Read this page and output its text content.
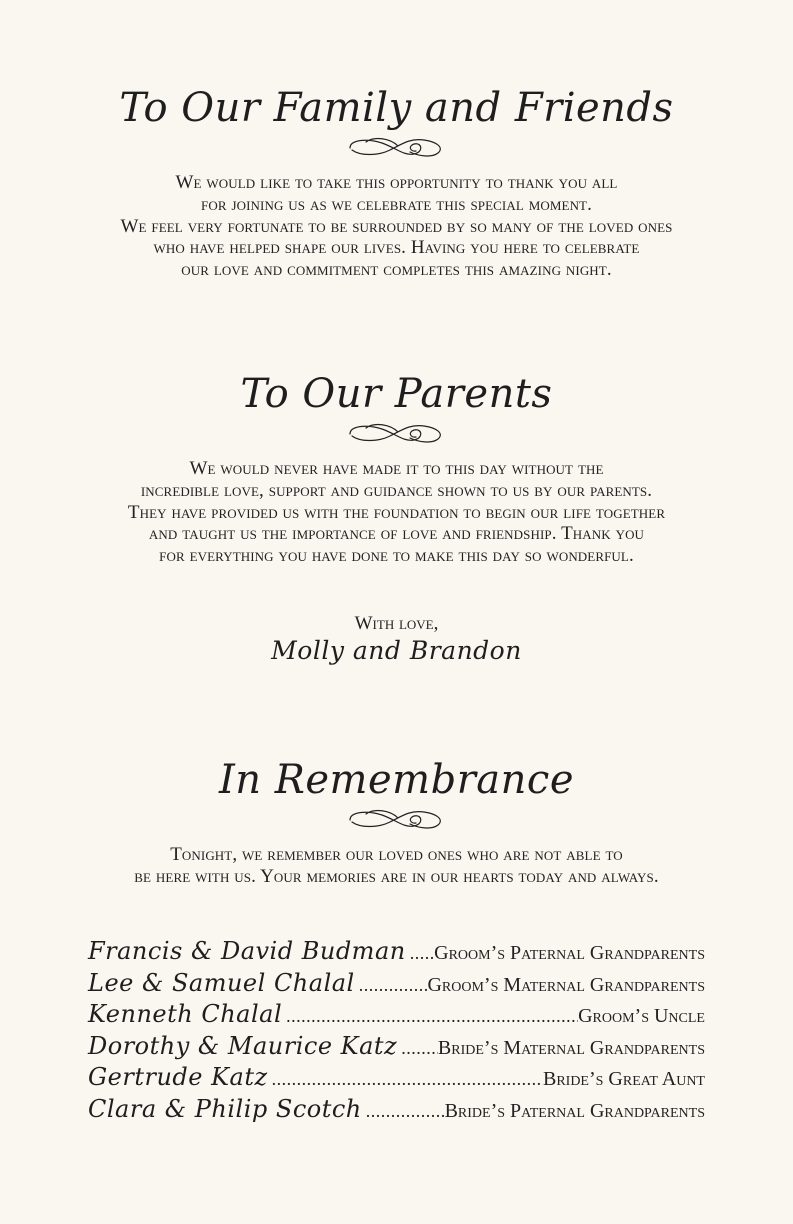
To Our Family and Friends
We would like to take this opportunity to thank you all
for joining us as we celebrate this special moment.
We feel very fortunate to be surrounded by so many of the loved ones
who have helped shape our lives. Having you here to celebrate
our love and commitment completes this amazing night.
To Our Parents
We would never have made it to this day without the
incredible love, support and guidance shown to us by our parents.
They have provided us with the foundation to begin our life together
and taught us the importance of love and friendship. Thank you
for everything you have done to make this day so wonderful.
With love,
Molly and Brandon
In Remembrance
Tonight, we remember our loved ones who are not able to
be here with us. Your memories are in our hearts today and always.
Francis & David Budman ..... Groom’s Paternal Grandparents
Lee & Samuel Chalal .....	Groom’s Maternal Grandparents
Kenneth Chalal .....	Groom’s Uncle
Dorothy & Maurice Katz ..... Bride’s Maternal Grandparents
Gertrude Katz .....	Bride’s Great Aunt
Clara & Philip Scotch .....	Bride’s Paternal Grandparents
